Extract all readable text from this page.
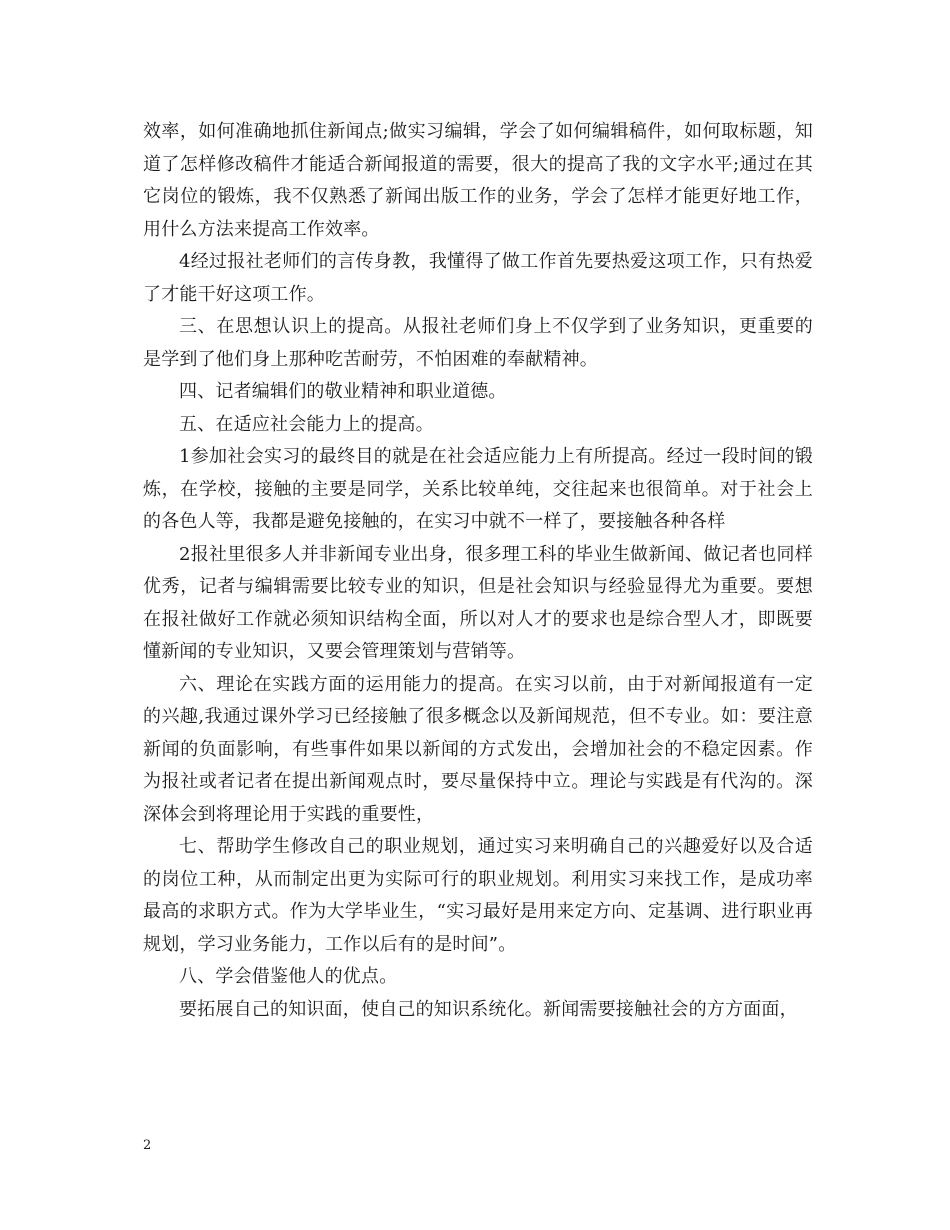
效率，如何准确地抓住新闻点;做实习编辑，学会了如何编辑稿件，如何取标题，知道了怎样修改稿件才能适合新闻报道的需要，很大的提高了我的文字水平;通过在其它岗位的锻炼，我不仅熟悉了新闻出版工作的业务，学会了怎样才能更好地工作，用什么方法来提高工作效率。

4经过报社老师们的言传身教，我懂得了做工作首先要热爱这项工作，只有热爱了才能干好这项工作。

三、在思想认识上的提高。从报社老师们身上不仅学到了业务知识，更重要的是学到了他们身上那种吃苦耐劳，不怕困难的奉献精神。

四、记者编辑们的敬业精神和职业道德。

五、在适应社会能力上的提高。

1参加社会实习的最终目的就是在社会适应能力上有所提高。经过一段时间的锻炼，在学校，接触的主要是同学，关系比较单纯，交往起来也很简单。对于社会上的各色人等，我都是避免接触的，在实习中就不一样了，要接触各种各样

2报社里很多人并非新闻专业出身，很多理工科的毕业生做新闻、做记者也同样优秀，记者与编辑需要比较专业的知识，但是社会知识与经验显得尤为重要。要想在报社做好工作就必须知识结构全面，所以对人才的要求也是综合型人才，即既要懂新闻的专业知识，又要会管理策划与营销等。

六、理论在实践方面的运用能力的提高。在实习以前，由于对新闻报道有一定的兴趣,我通过课外学习已经接触了很多概念以及新闻规范，但不专业。如：要注意新闻的负面影响，有些事件如果以新闻的方式发出，会增加社会的不稳定因素。作为报社或者记者在提出新闻观点时，要尽量保持中立。理论与实践是有代沟的。深深体会到将理论用于实践的重要性，

七、帮助学生修改自己的职业规划，通过实习来明确自己的兴趣爱好以及合适的岗位工种，从而制定出更为实际可行的职业规划。利用实习来找工作，是成功率最高的求职方式。作为大学毕业生，“实习最好是用来定方向、定基调、进行职业再规划，学习业务能力，工作以后有的是时间”。

八、学会借鉴他人的优点。

要拓展自己的知识面，使自己的知识系统化。新闻需要接触社会的方方面面，

2
